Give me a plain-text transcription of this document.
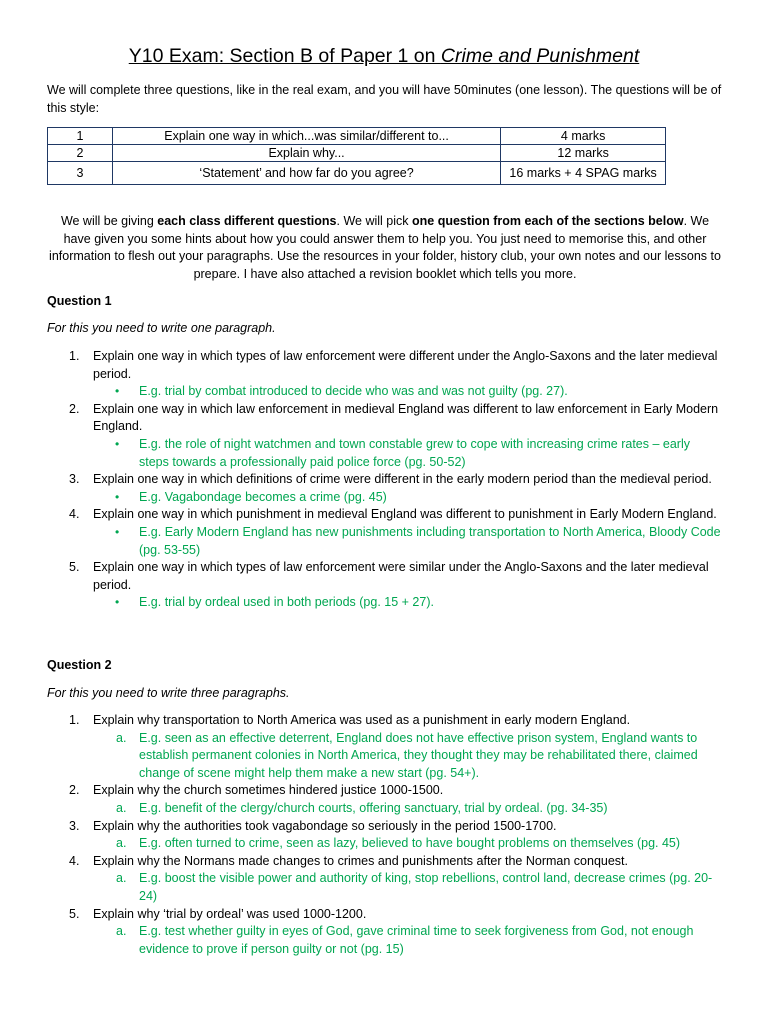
Y10 Exam: Section B of Paper 1 on Crime and Punishment
We will complete three questions, like in the real exam, and you will have 50minutes (one lesson). The questions will be of this style:
1	Explain one way in which...was similar/different to...	4 marks
2	Explain why...	12 marks
3	‘Statement’ and how far do you agree?	16 marks + 4 SPAG marks
We will be giving each class different questions. We will pick one question from each of the sections below. We have given you some hints about how you could answer them to help you. You just need to memorise this, and other information to flesh out your paragraphs. Use the resources in your folder, history club, your own notes and our lessons to prepare. I have also attached a revision booklet which tells you more.
Question 1
For this you need to write one paragraph.
1. Explain one way in which types of law enforcement were different under the Anglo-Saxons and the later medieval period.
• E.g. trial by combat introduced to decide who was and was not guilty (pg. 27).
2. Explain one way in which law enforcement in medieval England was different to law enforcement in Early Modern England.
• E.g. the role of night watchmen and town constable grew to cope with increasing crime rates – early steps towards a professionally paid police force (pg. 50-52)
3. Explain one way in which definitions of crime were different in the early modern period than the medieval period.
• E.g. Vagabondage becomes a crime (pg. 45)
4. Explain one way in which punishment in medieval England was different to punishment in Early Modern England.
• E.g. Early Modern England has new punishments including transportation to North America, Bloody Code (pg. 53-55)
5. Explain one way in which types of law enforcement were similar under the Anglo-Saxons and the later medieval period.
• E.g. trial by ordeal used in both periods (pg. 15 + 27).
Question 2
For this you need to write three paragraphs.
1. Explain why transportation to North America was used as a punishment in early modern England.
a. E.g. seen as an effective deterrent, England does not have effective prison system, England wants to establish permanent colonies in North America, they thought they may be rehabilitated there, claimed change of scene might help them make a new start (pg. 54+).
2. Explain why the church sometimes hindered justice 1000-1500.
a. E.g. benefit of the clergy/church courts, offering sanctuary, trial by ordeal. (pg. 34-35)
3. Explain why the authorities took vagabondage so seriously in the period 1500-1700.
a. E.g. often turned to crime, seen as lazy, believed to have bought problems on themselves (pg. 45)
4. Explain why the Normans made changes to crimes and punishments after the Norman conquest.
a. E.g. boost the visible power and authority of king, stop rebellions, control land, decrease crimes (pg. 20-24)
5. Explain why ‘trial by ordeal’ was used 1000-1200.
a. E.g. test whether guilty in eyes of God, gave criminal time to seek forgiveness from God, not enough evidence to prove if person guilty or not (pg. 15)
